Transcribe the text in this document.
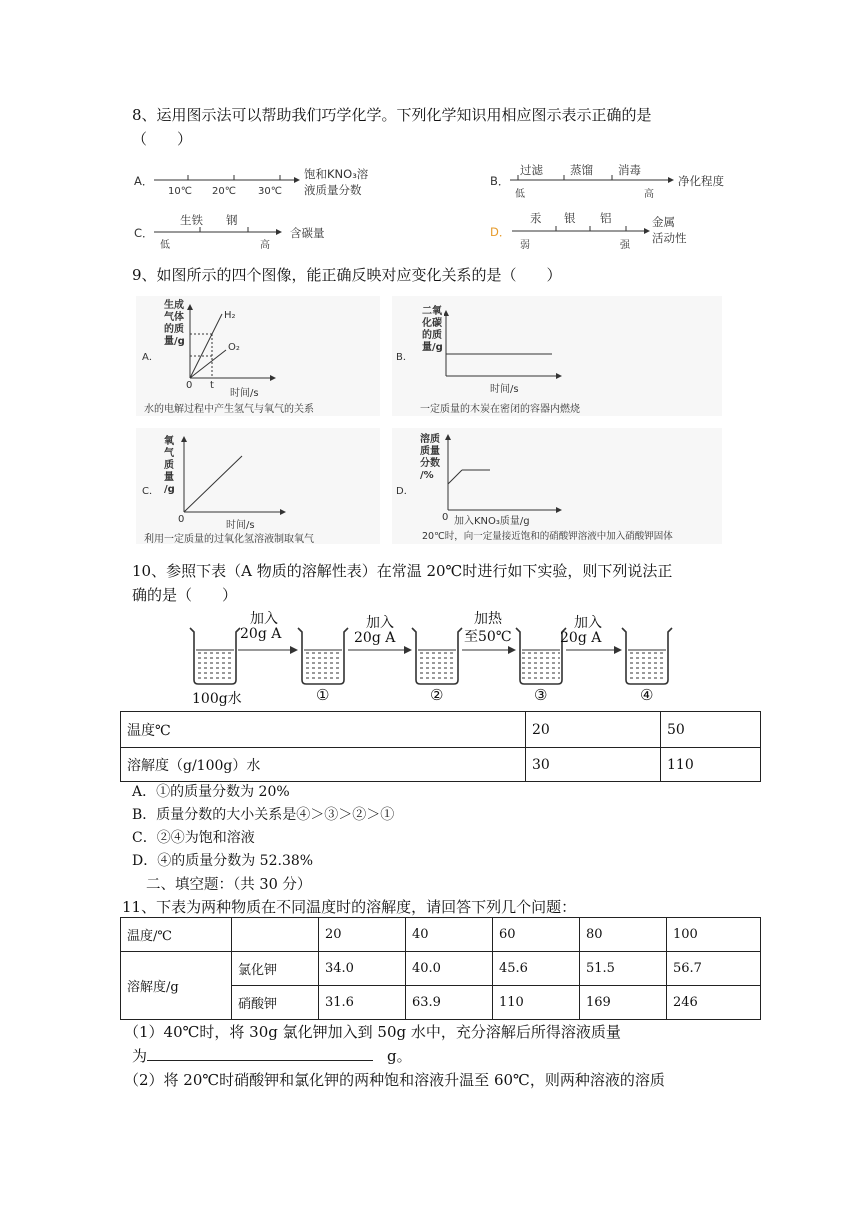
8、运用图示法可以帮助我们巧学化学。下列化学知识用相应图示表示正确的是
（　　）
A．
10℃ 20℃ 30℃
饱和KNO₃溶
液质量分数
B．
过滤 蒸馏 消毒
低	高
净化程度
C．
生铁 钢
低	高
含碳量	D．
汞 银 铝
弱	强
金属
活动性
9、如图所示的四个图像，能正确反映对应变化关系的是（　　）
A．
生成
气体
的质
量/g
H₂
O₂
0 t
时间/s
水的电解过程中产生氢气与氧气的关系
B．
二氧
化碳
的质
量/g
时间/s
一定质量的木炭在密闭的容器内燃烧
C．
氧
气
质
量
/g
0
时间/s
利用一定质量的过氧化氢溶液制取氧气
D．
溶质
质量
分数
/%
0 加入KNO₃质量/g
20℃时，向一定量接近饱和的硝酸钾溶液中加入硝酸钾固体
10、参照下表（A 物质的溶解性表）在常温 20℃时进行如下实验，则下列说法正
确的是（　　）
加入
20g A
加入
20g A
加热
至50℃
加入
20g A
100g水	①	②	③	④
温度℃	20	50
溶解度（g/100g）水	30	110
A．①的质量分数为 20%
B．质量分数的大小关系是④＞③＞②＞①
C．②④为饱和溶液
D．④的质量分数为 52.38%
二、填空题：（共 30 分）
11、下表为两种物质在不同温度时的溶解度，请回答下列几个问题：
温度/℃		20	40	60	80	100
溶解度/g	氯化钾	34.0	40.0	45.6	51.5	56.7
	硝酸钾	31.6	63.9	110	169	246
（1）40℃时，将 30g 氯化钾加入到 50g 水中，充分溶解后所得溶液质量
为	g。
（2）将 20℃时硝酸钾和氯化钾的两种饱和溶液升温至 60℃，则两种溶液的溶质
